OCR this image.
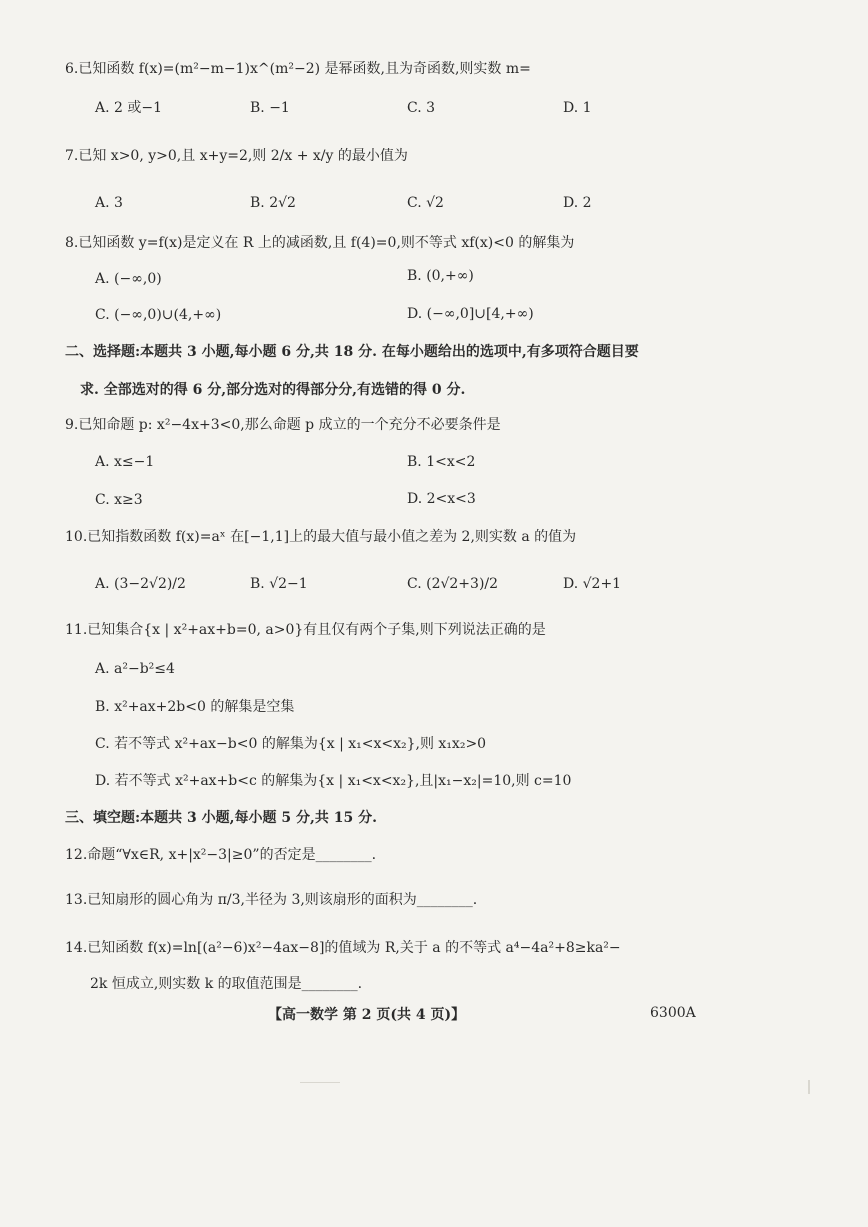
6.已知函数 f(x)=(m²−m−1)x^(m²−2) 是幂函数,且为奇函数,则实数 m=
A. 2 或−1	B. −1	C. 3	D. 1
7.已知 x>0, y>0,且 x+y=2,则 2/x + x/y 的最小值为
A. 3	B. 2√2	C. √2	D. 2
8.已知函数 y=f(x)是定义在 R 上的减函数,且 f(4)=0,则不等式 xf(x)<0 的解集为
A. (−∞,0)	B. (0,+∞)
C. (−∞,0)∪(4,+∞)	D. (−∞,0]∪[4,+∞)
二、选择题:本题共 3 小题,每小题 6 分,共 18 分. 在每小题给出的选项中,有多项符合题目要
求. 全部选对的得 6 分,部分选对的得部分分,有选错的得 0 分.
9.已知命题 p: x²−4x+3<0,那么命题 p 成立的一个充分不必要条件是
A. x≤−1	B. 1<x<2
C. x≥3	D. 2<x<3
10.已知指数函数 f(x)=aˣ 在[−1,1]上的最大值与最小值之差为 2,则实数 a 的值为
A. (3−2√2)/2	B. √2−1	C. (2√2+3)/2	D. √2+1
11.已知集合{x | x²+ax+b=0, a>0}有且仅有两个子集,则下列说法正确的是
A. a²−b²≤4
B. x²+ax+2b<0 的解集是空集
C. 若不等式 x²+ax−b<0 的解集为{x | x₁<x<x₂},则 x₁x₂>0
D. 若不等式 x²+ax+b<c 的解集为{x | x₁<x<x₂},且|x₁−x₂|=10,则 c=10
三、填空题:本题共 3 小题,每小题 5 分,共 15 分.
12.命题“∀x∈R, x+|x²−3|≥0”的否定是________.
13.已知扇形的圆心角为 π/3,半径为 3,则该扇形的面积为________.
14.已知函数 f(x)=ln[(a²−6)x²−4ax−8]的值域为 R,关于 a 的不等式 a⁴−4a²+8≥ka²−
2k 恒成立,则实数 k 的取值范围是________.
【高一数学 第 2 页(共 4 页)】	6300A
